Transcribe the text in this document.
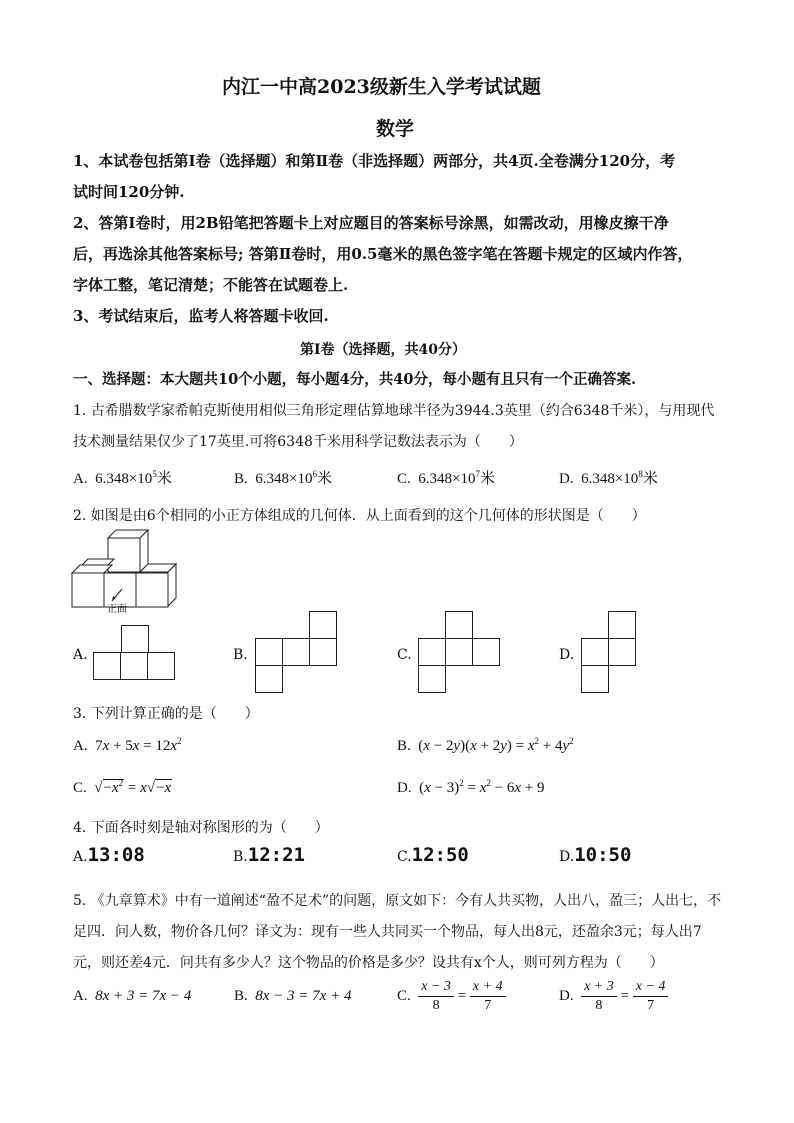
内江一中高2023级新生入学考试试题
数学
1、本试卷包括第Ⅰ卷（选择题）和第Ⅱ卷（非选择题）两部分，共4页.全卷满分120分，考
试时间120分钟.
2、答第Ⅰ卷时，用2B铅笔把答题卡上对应题目的答案标号涂黑，如需改动，用橡皮擦干净
后，再选涂其他答案标号; 答第Ⅱ卷时，用0.5毫米的黑色签字笔在答题卡规定的区域内作答，
字体工整，笔记清楚；不能答在试题卷上.
3、考试结束后，监考人将答题卡收回.
第Ⅰ卷（选择题，共40分）
一、选择题：本大题共10个小题，每小题4分，共40分，每小题有且只有一个正确答案.
1. 古希腊数学家希帕克斯使用相似三角形定理估算地球半径为3944.3英里（约合6348千米），与用现代
技术测量结果仅少了17英里.可将6348千米用科学记数法表示为（　　）
A. $6.348\times 10^5$米	B. $6.348\times 10^6$米	C. $6.348\times 10^7$米	D. $6.348\times 10^8$米
2. 如图是由6个相同的小正方体组成的几何体．从上面看到的这个几何体的形状图是（　　）
正面
A.	B.	C.	D.
3. 下列计算正确的是（　　）
A.  $7x + 5x = 12x^2$	B.  $(x - 2y)(x + 2y) = x^2 + 4y^2$
C.  $√-x^2 = x√-x$	D.  $(x - 3)^2 = x^2 - 6x + 9$
4. 下面各时刻是轴对称图形的为（　　）
A.13:08	B.12:21	C.12:50	D.10:50
5. 《九章算术》中有一道阐述“盈不足术”的问题，原文如下：今有人共买物，人出八，盈三；人出七，不
足四．问人数，物价各几何？译文为：现有一些人共同买一个物品，每人出8元，还盈余3元；每人出7
元，则还差4元．问共有多少人？这个物品的价格是多少？设共有x个人，则可列方程为（　　）
A. 8x + 3 = 7x − 4	B. 8x − 3 = 7x + 4	C. $\frac{x - 3}{8} = \frac{x + 4}{7}$	D. $\frac{x + 3}{8} = \frac{x - 4}{7}$
